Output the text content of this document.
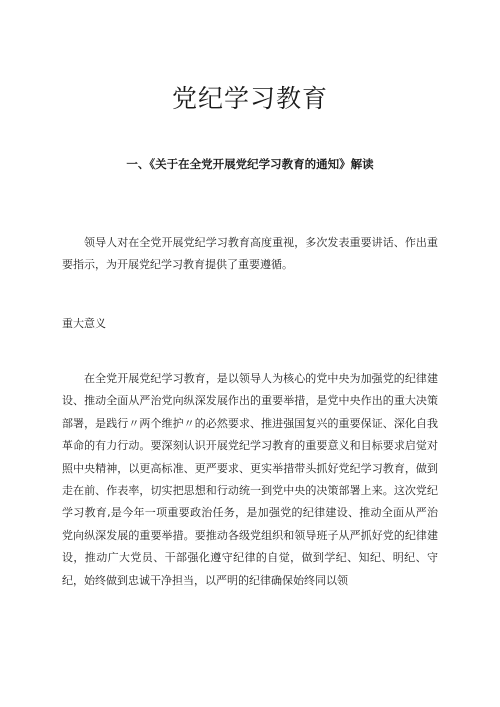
党纪学习教育
一、《关于在全党开展党纪学习教育的通知》解读

领导人对在全党开展党纪学习教育高度重视，多次发表重要讲话、作出重要指示，为开展党纪学习教育提供了重要遵循。

重大意义

在全党开展党纪学习教育，是以领导人为核心的党中央为加强党的纪律建设、推动全面从严治党向纵深发展作出的重要举措，是党中央作出的重大决策部署，是践行〃两个维护〃的必然要求、推进强国复兴的重要保证、深化自我革命的有力行动。要深刻认识开展党纪学习教育的重要意义和目标要求启觉对照中央精神，以更高标准、更严要求、更实举措带头抓好党纪学习教育，做到走在前、作表率，切实把思想和行动统一到党中央的决策部署上来。这次党纪学习教育,是今年一项重要政治任务，是加强党的纪律建设、推动全面从严治党向纵深发展的重要举措。要推动各级党组织和领导班子从严抓好党的纪律建设，推动广大党员、干部强化遵守纪律的自觉，做到学纪、知纪、明纪、守纪，始终做到忠诚干净担当，以严明的纪律确保始终同以领
